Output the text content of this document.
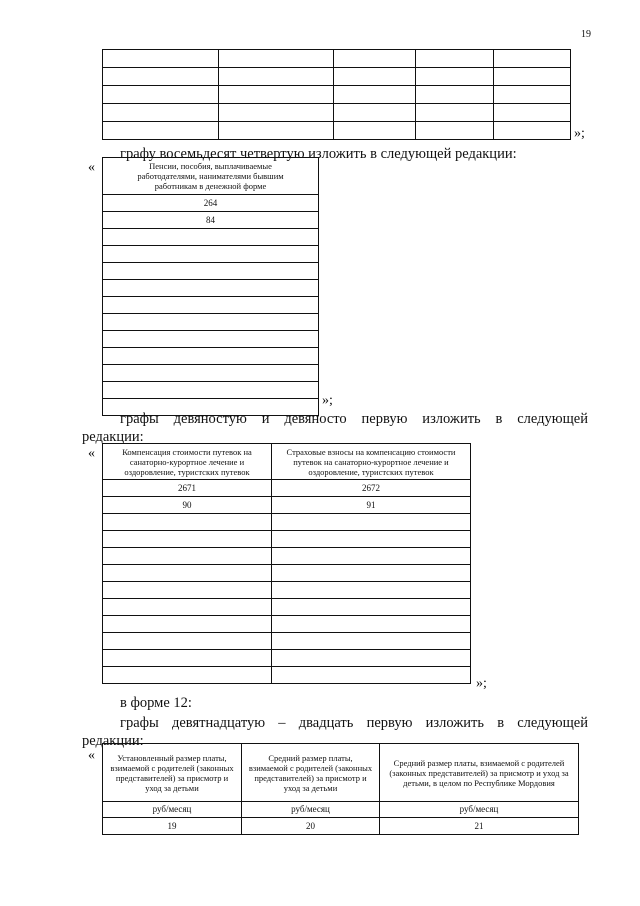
19

»;
графу восемьдесят четвертую изложить в следующей редакции:
«	Пенсии, пособия, выплачиваемые работодателями, нанимателями бывшим работникам в денежной форме
264
84

»;
графы девяностую и девяносто первую изложить в следующей
редакции:
«	Компенсация стоимости путевок на санаторно-курортное лечение и оздоровление, туристских путевок	Страховые взносы на компенсацию стоимости путевок на санаторно-курортное лечение и оздоровление, туристских путевок
2671	2672
90	91

»;
в форме 12:
графы девятнадцатую – двадцать первую изложить в следующей
редакции:
«	Установленный размер платы, взимаемой с родителей (законных представителей) за присмотр и уход за детьми	Средний размер платы, взимаемой с родителей (законных представителей) за присмотр и уход за детьми	Средний размер платы, взимаемой с родителей (законных представителей) за присмотр и уход за детьми, в целом по Республике Мордовия
руб/месяц	руб/месяц	руб/месяц
19	20	21
